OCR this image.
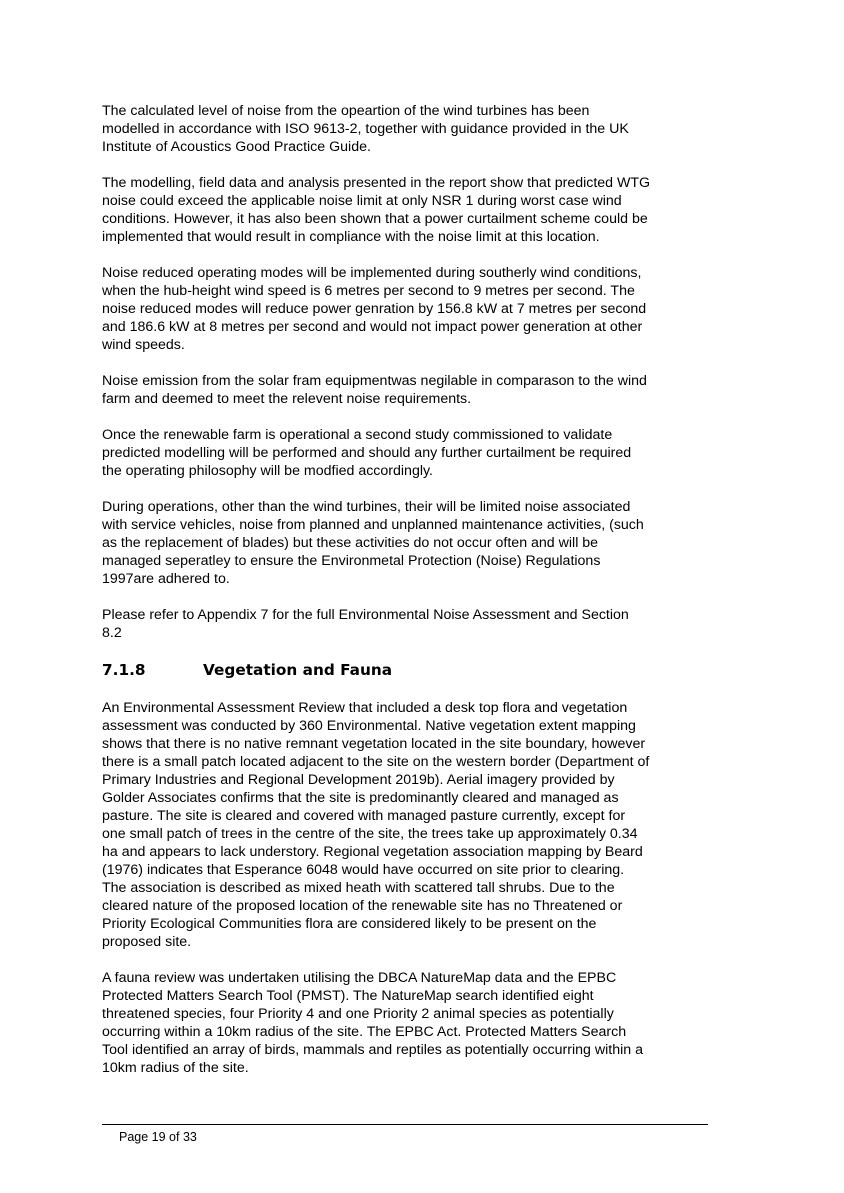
The calculated level of noise from the opeartion of the wind turbines has been
modelled in accordance with ISO 9613-2, together with guidance provided in the UK
Institute of Acoustics Good Practice Guide.

The modelling, field data and analysis presented in the report show that predicted WTG
noise could exceed the applicable noise limit at only NSR 1 during worst case wind
conditions. However, it has also been shown that a power curtailment scheme could be
implemented that would result in compliance with the noise limit at this location.

Noise reduced operating modes will be implemented during southerly wind conditions,
when the hub-height wind speed is 6 metres per second to 9 metres per second. The
noise reduced modes will reduce power genration by 156.8 kW at 7 metres per second
and 186.6 kW at 8 metres per second and would not impact power generation at other
wind speeds.

Noise emission from the solar fram equipmentwas negilable in comparason to the wind
farm and deemed to meet the relevent noise requirements.

Once the renewable farm is operational a second study commissioned to validate
predicted modelling will be performed and should any further curtailment be required
the operating philosophy will be modfied accordingly.

During operations, other than the wind turbines, their will be limited noise associated
with service vehicles, noise from planned and unplanned maintenance activities, (such
as the replacement of blades) but these activities do not occur often and will be
managed seperatley to ensure the Environmetal Protection (Noise) Regulations
1997are adhered to.

Please refer to Appendix 7 for the full Environmental Noise Assessment and Section
8.2

7.1.8	Vegetation and Fauna

An Environmental Assessment Review that included a desk top flora and vegetation
assessment was conducted by 360 Environmental. Native vegetation extent mapping
shows that there is no native remnant vegetation located in the site boundary, however
there is a small patch located adjacent to the site on the western border (Department of
Primary Industries and Regional Development 2019b). Aerial imagery provided by
Golder Associates confirms that the site is predominantly cleared and managed as
pasture. The site is cleared and covered with managed pasture currently, except for
one small patch of trees in the centre of the site, the trees take up approximately 0.34
ha and appears to lack understory. Regional vegetation association mapping by Beard
(1976) indicates that Esperance 6048 would have occurred on site prior to clearing.
The association is described as mixed heath with scattered tall shrubs. Due to the
cleared nature of the proposed location of the renewable site has no Threatened or
Priority Ecological Communities flora are considered likely to be present on the
proposed site.

A fauna review was undertaken utilising the DBCA NatureMap data and the EPBC
Protected Matters Search Tool (PMST). The NatureMap search identified eight
threatened species, four Priority 4 and one Priority 2 animal species as potentially
occurring within a 10km radius of the site. The EPBC Act. Protected Matters Search
Tool identified an array of birds, mammals and reptiles as potentially occurring within a
10km radius of the site.

Page 19 of 33
